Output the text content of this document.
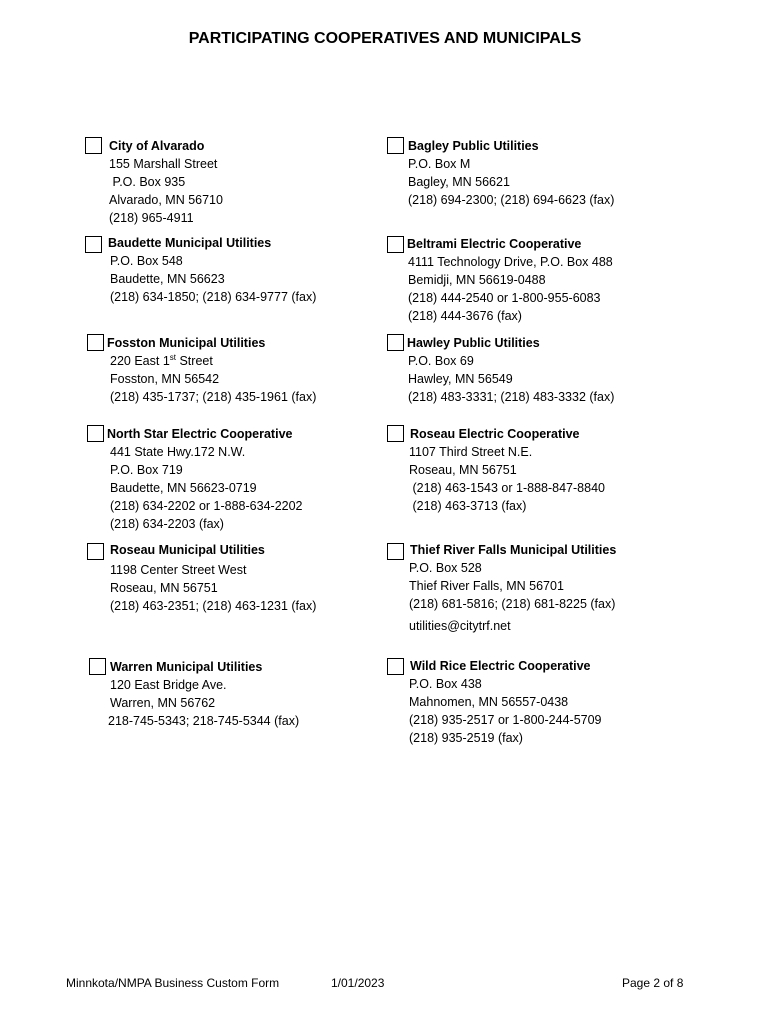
PARTICIPATING COOPERATIVES AND MUNICIPALS
City of Alvarado
155 Marshall Street
P.O. Box 935
Alvarado, MN 56710
(218) 965-4911
Bagley Public Utilities
P.O. Box M
Bagley, MN 56621
(218) 694-2300; (218) 694-6623 (fax)
Baudette Municipal Utilities
P.O. Box 548
Baudette, MN 56623
(218) 634-1850; (218) 634-9777 (fax)
Beltrami Electric Cooperative
4111 Technology Drive, P.O. Box 488
Bemidji, MN 56619-0488
(218) 444-2540 or 1-800-955-6083
(218) 444-3676 (fax)
Fosston Municipal Utilities
220 East 1st Street
Fosston, MN 56542
(218) 435-1737; (218) 435-1961 (fax)
Hawley Public Utilities
P.O. Box 69
Hawley, MN 56549
(218) 483-3331; (218) 483-3332 (fax)
North Star Electric Cooperative
441 State Hwy.172 N.W.
P.O. Box 719
Baudette, MN 56623-0719
(218) 634-2202 or 1-888-634-2202
(218) 634-2203 (fax)
Roseau Electric Cooperative
1107 Third Street N.E.
Roseau, MN 56751
(218) 463-1543 or 1-888-847-8840
(218) 463-3713 (fax)
Roseau Municipal Utilities
1198 Center Street West
Roseau, MN 56751
(218) 463-2351; (218) 463-1231 (fax)
Thief River Falls Municipal Utilities
P.O. Box 528
Thief River Falls, MN 56701
(218) 681-5816; (218) 681-8225 (fax)
utilities@citytrf.net
Warren Municipal Utilities
120 East Bridge Ave.
Warren, MN 56762
218-745-5343; 218-745-5344 (fax)
Wild Rice Electric Cooperative
P.O. Box 438
Mahnomen, MN 56557-0438
(218) 935-2517 or 1-800-244-5709
(218) 935-2519 (fax)
Minnkota/NMPA Business Custom Form	1/01/2023	Page 2 of 8
